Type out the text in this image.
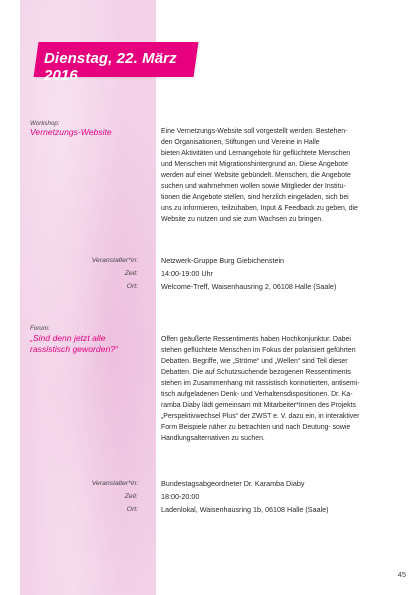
Dienstag, 22. März 2016
Workshop:
Vernetzungs-Website	Eine Vernetzungs-Website soll vorgestellt werden. Bestehen-
den Organisationen, Stiftungen und Vereine in Halle
bieten Aktivitäten und Lernangebote für geflüchtete Menschen
und Menschen mit Migrationshintergrund an. Diese Angebote
werden auf einer Website gebündelt. Menschen, die Angebote
suchen und wahrnehmen wollen sowie Mitglieder der Institu-
tionen die Angebote stellen, sind herzlich eingeladen, sich bei
uns zu informieren, teilzuhaben, Input & Feedback zu geben, die
Website zu nutzen und sie zum Wachsen zu bringen.
Veranstalter*in:	Netzwerk-Gruppe Burg Giebichenstein
Zeit:	14:00-19:00 Uhr
Ort:	Welcome-Treff, Waisenhausring 2, 06108 Halle (Saale)
Forum:
„Sind denn jetzt alle
rassistisch geworden?“
Offen geäußerte Ressentiments haben Hochkonjunktur. Dabei
stehen geflüchtete Menschen im Fokus der polarisiert geführten
Debatten. Begriffe, wie „Ströme“ und „Wellen“ sind Teil dieser
Debatten. Die auf Schutzsuchende bezogenen Ressentiments
stehen im Zusammenhang mit rassistisch konnotierten, antisemi-
tisch aufgeladenen Denk- und Verhaltensdispositionen. Dr. Ka-
ramba Diaby lädt gemeinsam mit Mitarbeiter*Innen des Projekts
„Perspektivwechsel Plus“ der ZWST e. V. dazu ein, in interaktiver
Form Beispiele näher zu betrachten und nach Deutung- sowie
Handlungsalternativen zu suchen.
Veranstalter*in:	Bundestagsabgeordneter Dr. Karamba Diaby
Zeit:	18:00-20:00
Ort:	Ladenlokal, Waisenhausring 1b, 06108 Halle (Saale)
45
